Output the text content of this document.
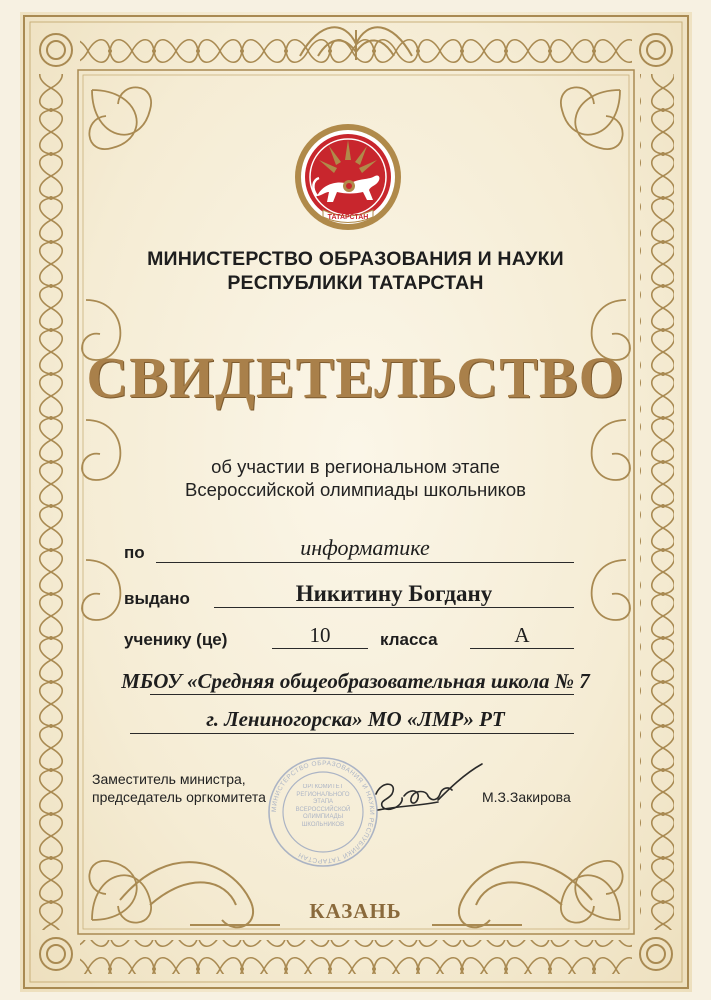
ТАТАРСТАН
МИНИСТЕРСТВО ОБРАЗОВАНИЯ И НАУКИ
РЕСПУБЛИКИ ТАТАРСТАН
СВИДЕТЕЛЬСТВО
об участии в региональном этапе
Всероссийской олимпиады школьников
по	информатике
выдано	Никитину Богдану
ученику (це)	10	класса	А
МБОУ «Средняя общеобразовательная школа № 7
г. Лениногорска» МО «ЛМР» РТ
Заместитель министра,
председатель оргкомитета	М.З.Закирова
МИНИСТЕРСТВО ОБРАЗОВАНИЯ И НАУКИ РЕСПУБЛИКИ ТАТАРСТАН
ОРГКОМИТЕТ РЕГИОНАЛЬНОГО ЭТАПА ВСЕРОССИЙСКОЙ ОЛИМПИАДЫ ШКОЛЬНИКОВ
КАЗАНЬ
